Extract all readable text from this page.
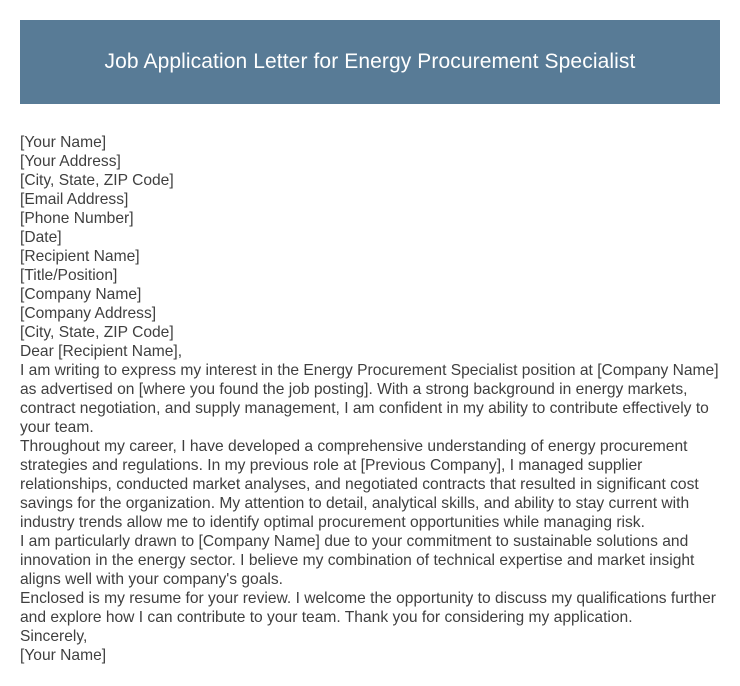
Job Application Letter for Energy Procurement Specialist

[Your Name]

[Your Address]

[City, State, ZIP Code]

[Email Address]

[Phone Number]

[Date]

[Recipient Name]

[Title/Position]

[Company Name]

[Company Address]

[City, State, ZIP Code]

Dear [Recipient Name],

I am writing to express my interest in the Energy Procurement Specialist position at [Company Name] as advertised on [where you found the job posting]. With a strong background in energy markets, contract negotiation, and supply management, I am confident in my ability to contribute effectively to your team.

Throughout my career, I have developed a comprehensive understanding of energy procurement strategies and regulations. In my previous role at [Previous Company], I managed supplier relationships, conducted market analyses, and negotiated contracts that resulted in significant cost savings for the organization. My attention to detail, analytical skills, and ability to stay current with industry trends allow me to identify optimal procurement opportunities while managing risk.

I am particularly drawn to [Company Name] due to your commitment to sustainable solutions and innovation in the energy sector. I believe my combination of technical expertise and market insight aligns well with your company's goals.

Enclosed is my resume for your review. I welcome the opportunity to discuss my qualifications further and explore how I can contribute to your team. Thank you for considering my application.

Sincerely,

[Your Name]
